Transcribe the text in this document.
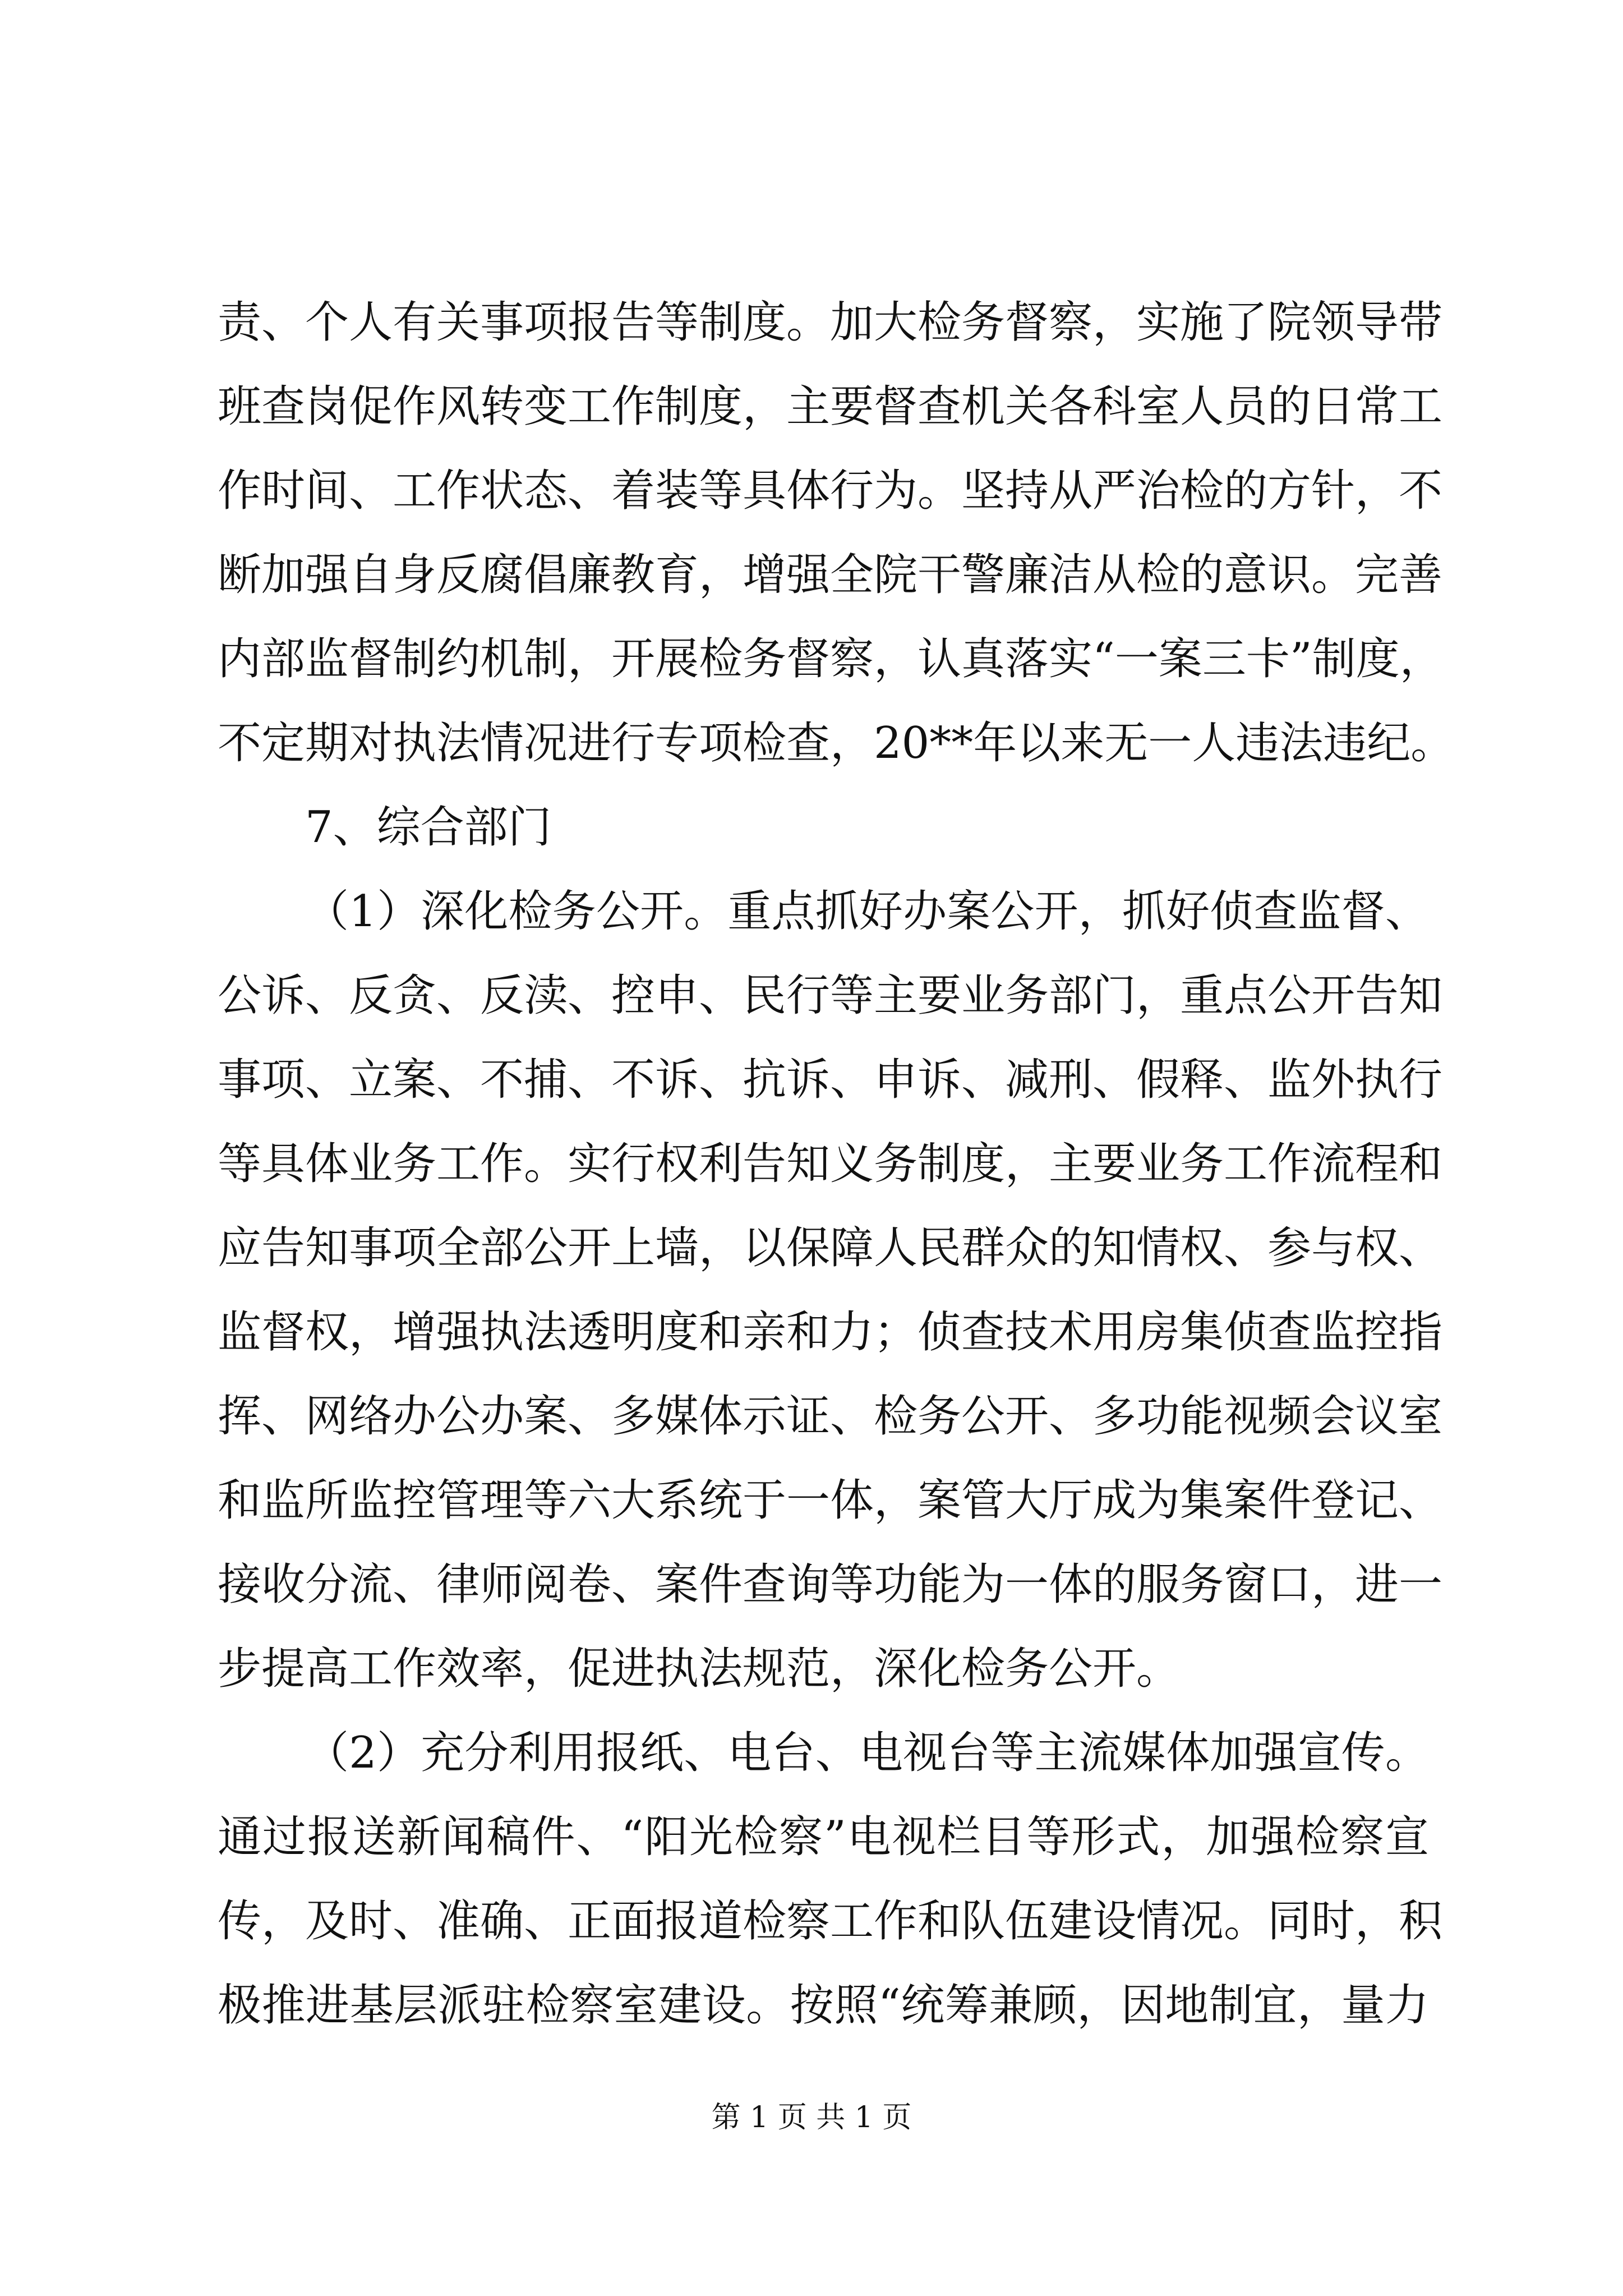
责、个人有关事项报告等制度。加大检务督察，实施了院领导带
班查岗促作风转变工作制度，主要督查机关各科室人员的日常工
作时间、工作状态、着装等具体行为。坚持从严治检的方针，不
断加强自身反腐倡廉教育，增强全院干警廉洁从检的意识。完善
内部监督制约机制，开展检务督察，认真落实“一案三卡”制度，
不定期对执法情况进行专项检查，20**年以来无一人违法违纪。
7、综合部门
（1）深化检务公开。重点抓好办案公开，抓好侦查监督、
公诉、反贪、反渎、控申、民行等主要业务部门，重点公开告知
事项、立案、不捕、不诉、抗诉、申诉、减刑、假释、监外执行
等具体业务工作。实行权利告知义务制度，主要业务工作流程和
应告知事项全部公开上墙，以保障人民群众的知情权、参与权、
监督权，增强执法透明度和亲和力；侦查技术用房集侦查监控指
挥、网络办公办案、多媒体示证、检务公开、多功能视频会议室
和监所监控管理等六大系统于一体，案管大厅成为集案件登记、
接收分流、律师阅卷、案件查询等功能为一体的服务窗口，进一
步提高工作效率，促进执法规范，深化检务公开。
（2）充分利用报纸、电台、电视台等主流媒体加强宣传。
通过报送新闻稿件、“阳光检察”电视栏目等形式，加强检察宣
传，及时、准确、正面报道检察工作和队伍建设情况。同时，积
极推进基层派驻检察室建设。按照“统筹兼顾，因地制宜，量力
第 1 页 共 1 页
